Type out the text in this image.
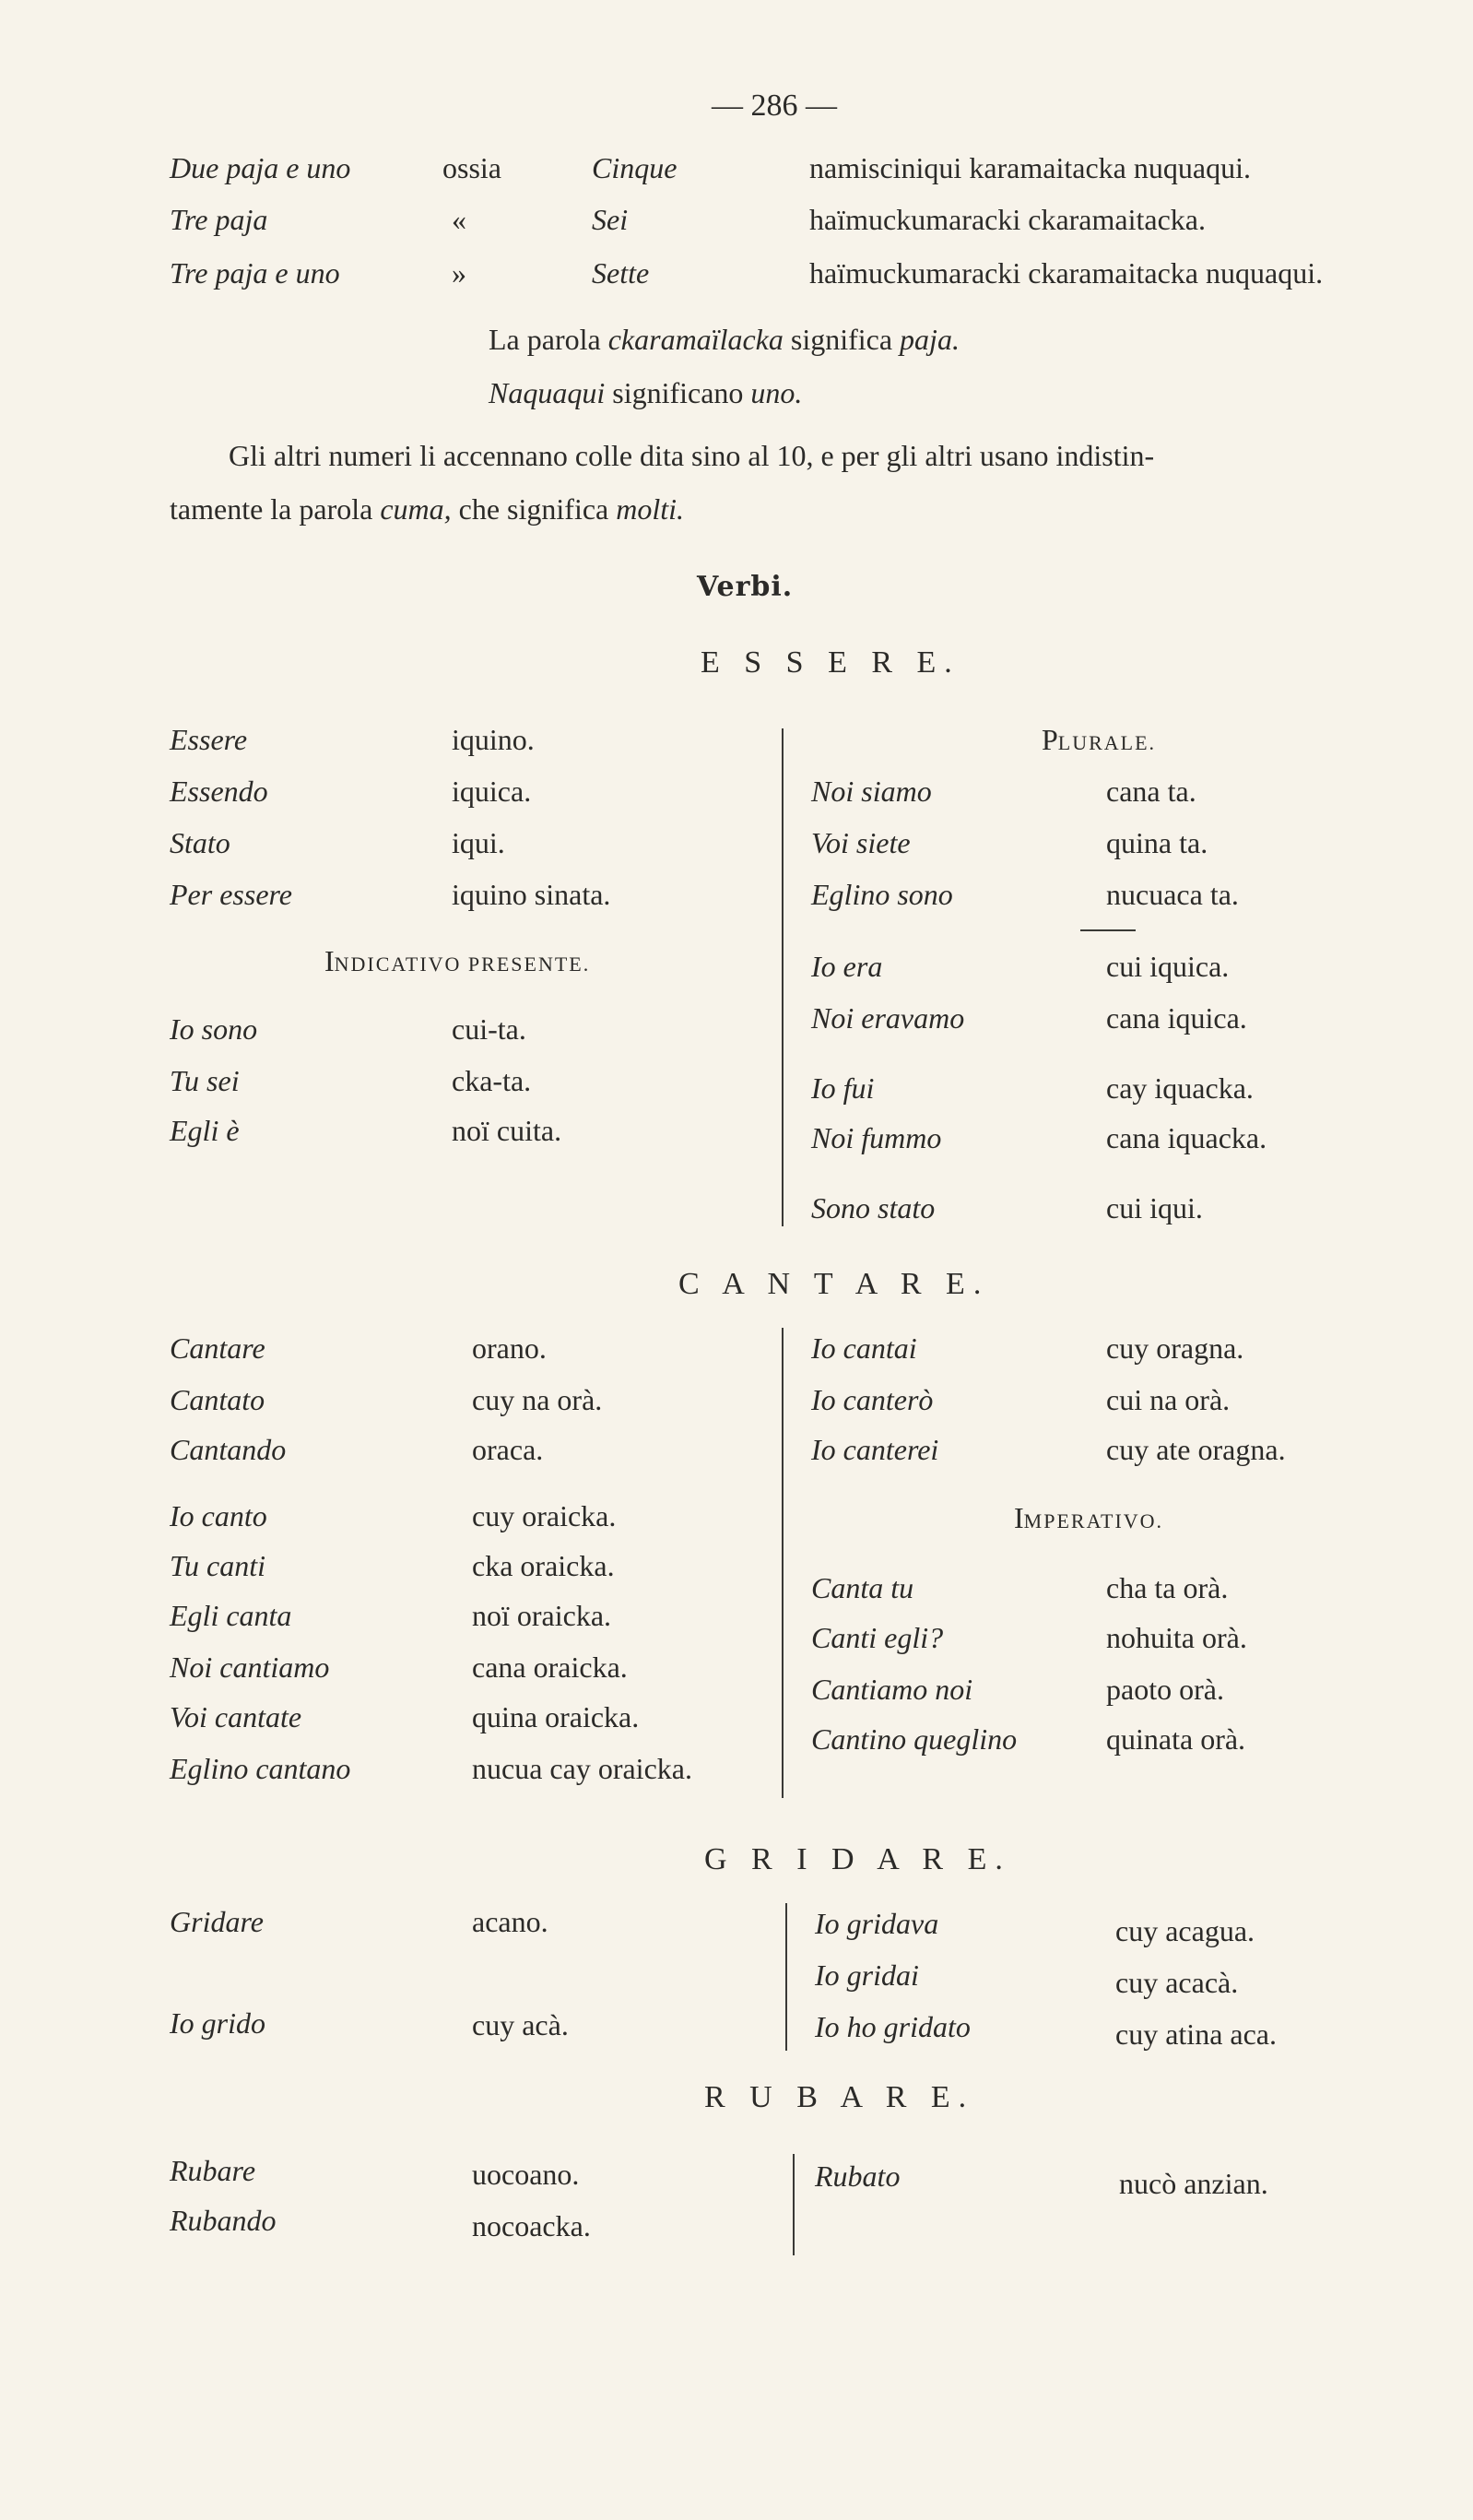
— 286 —
Due paja e uno	ossia	Cinque	namisciniqui karamaitacka nuquaqui.
Tre paja	«	Sei	haïmuckumaracki ckaramaitacka.
Tre paja e uno	»	Sette	haïmuckumaracki ckaramaitacka nuquaqui.
La parola ckaramaïlacka significa paja.
Naquaqui significano uno.
Gli altri numeri li accennano colle dita sino al 10, e per gli altri usano indistin-
tamente la parola cuma, che significa molti.
Verbi.
E S S E R E.
Essere	iquino.
Essendo	iquica.
Stato	iqui.
Per essere	iquino sinata.
INDICATIVO PRESENTE.
Io sono	cui-ta.
Tu sei	cka-ta.
Egli è	noï cuita.
PLURALE.
Noi siamo	cana ta.
Voi siete	quina ta.
Eglino sono	nucuaca ta.
Io era	cui iquica.
Noi eravamo	cana iquica.
Io fui	cay iquacka.
Noi fummo	cana iquacka.
Sono stato	cui iqui.
C A N T A R E.
Cantare	orano.
Cantato	cuy na orà.
Cantando	oraca.
Io canto	cuy oraicka.
Tu canti	cka oraicka.
Egli canta	noï oraicka.
Noi cantiamo	cana oraicka.
Voi cantate	quina oraicka.
Eglino cantano	nucua cay oraicka.
Io cantai	cuy oragna.
Io canterò	cui na orà.
Io canterei	cuy ate oragna.
IMPERATIVO.
Canta tu	cha ta orà.
Canti egli?	nohuita orà.
Cantiamo noi	paoto orà.
Cantino queglino	quinata orà.
G R I D A R E.
Gridare	acano.
Io grido	cuy acà.
Io gridava	cuy acagua.
Io gridai	cuy acacà.
Io ho gridato	cuy atina aca.
R U B A R E.
Rubare	uocoano.
Rubando	nocoacka.
Rubato	nucò anzian.
